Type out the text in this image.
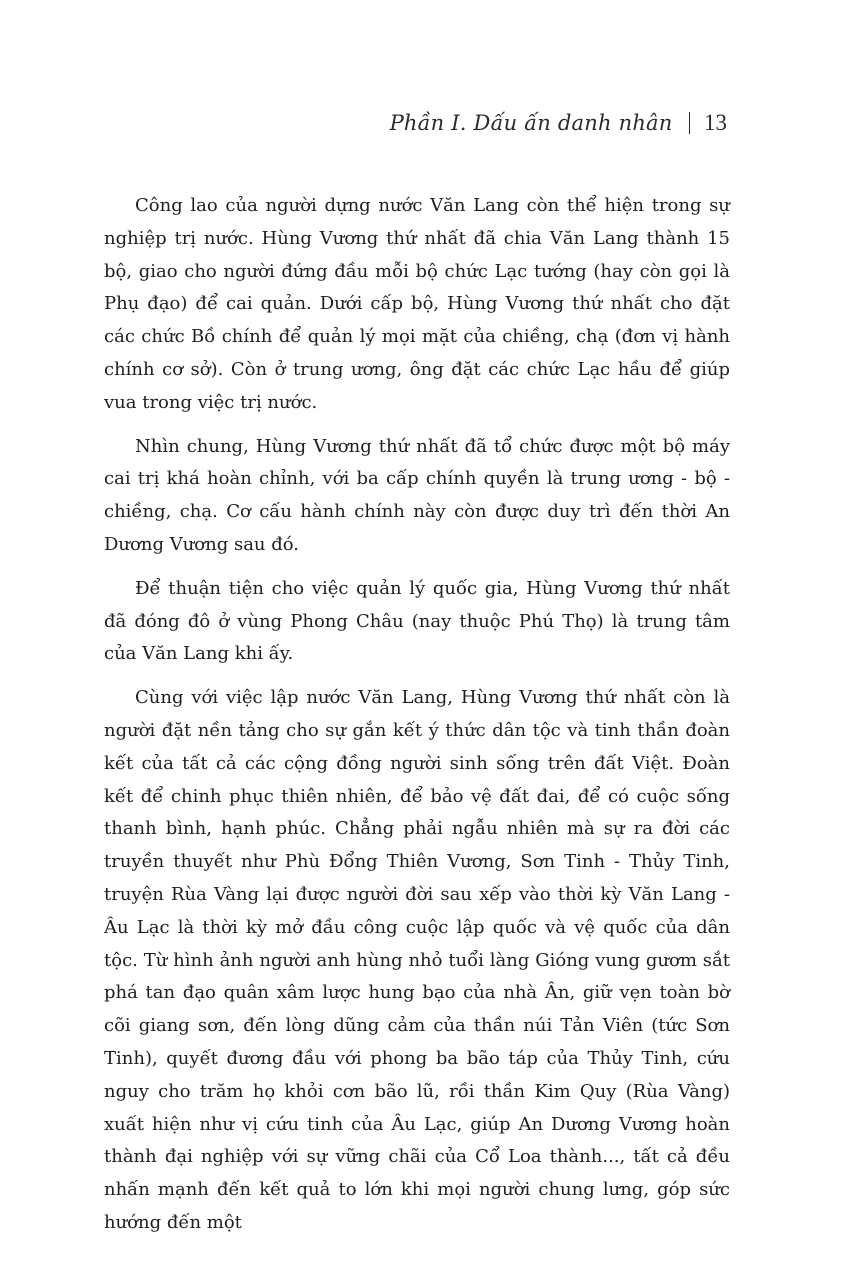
Phần I. Dấu ấn danh nhân 13

Công lao của người dựng nước Văn Lang còn thể hiện trong sự nghiệp trị nước. Hùng Vương thứ nhất đã chia Văn Lang thành 15 bộ, giao cho người đứng đầu mỗi bộ chức Lạc tướng (hay còn gọi là Phụ đạo) để cai quản. Dưới cấp bộ, Hùng Vương thứ nhất cho đặt các chức Bồ chính để quản lý mọi mặt của chiềng, chạ (đơn vị hành chính cơ sở). Còn ở trung ương, ông đặt các chức Lạc hầu để giúp vua trong việc trị nước.

Nhìn chung, Hùng Vương thứ nhất đã tổ chức được một bộ máy cai trị khá hoàn chỉnh, với ba cấp chính quyền là trung ương - bộ - chiềng, chạ. Cơ cấu hành chính này còn được duy trì đến thời An Dương Vương sau đó.

Để thuận tiện cho việc quản lý quốc gia, Hùng Vương thứ nhất đã đóng đô ở vùng Phong Châu (nay thuộc Phú Thọ) là trung tâm của Văn Lang khi ấy.

Cùng với việc lập nước Văn Lang, Hùng Vương thứ nhất còn là người đặt nền tảng cho sự gắn kết ý thức dân tộc và tinh thần đoàn kết của tất cả các cộng đồng người sinh sống trên đất Việt. Đoàn kết để chinh phục thiên nhiên, để bảo vệ đất đai, để có cuộc sống thanh bình, hạnh phúc. Chẳng phải ngẫu nhiên mà sự ra đời các truyền thuyết như Phù Đổng Thiên Vương, Sơn Tinh - Thủy Tinh, truyện Rùa Vàng lại được người đời sau xếp vào thời kỳ Văn Lang - Âu Lạc là thời kỳ mở đầu công cuộc lập quốc và vệ quốc của dân tộc. Từ hình ảnh người anh hùng nhỏ tuổi làng Gióng vung gươm sắt phá tan đạo quân xâm lược hung bạo của nhà Ân, giữ vẹn toàn bờ cõi giang sơn, đến lòng dũng cảm của thần núi Tản Viên (tức Sơn Tinh), quyết đương đầu với phong ba bão táp của Thủy Tinh, cứu nguy cho trăm họ khỏi cơn bão lũ, rồi thần Kim Quy (Rùa Vàng) xuất hiện như vị cứu tinh của Âu Lạc, giúp An Dương Vương hoàn thành đại nghiệp với sự vững chãi của Cổ Loa thành..., tất cả đều nhấn mạnh đến kết quả to lớn khi mọi người chung lưng, góp sức hướng đến một
